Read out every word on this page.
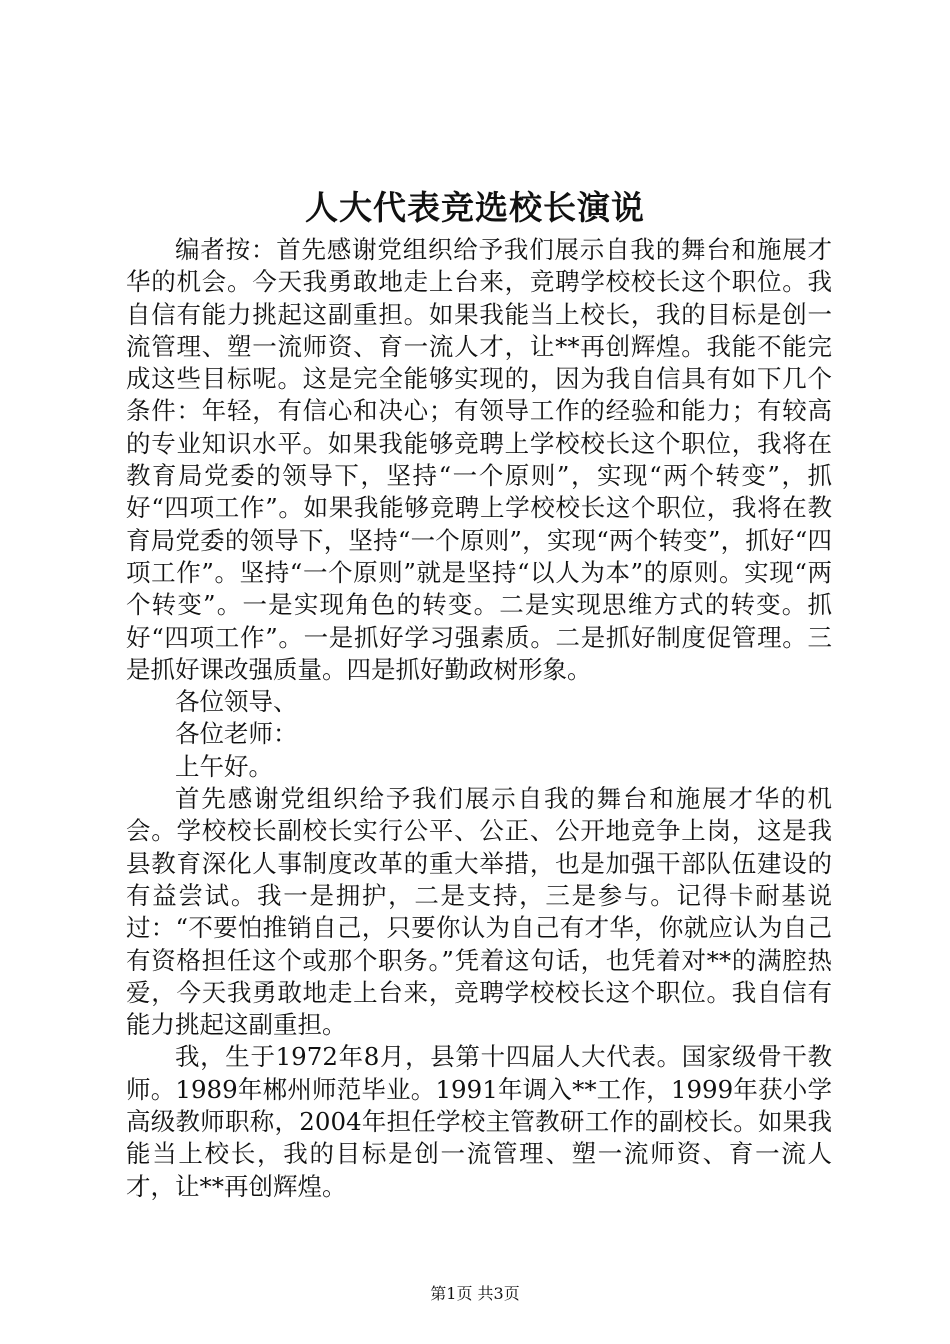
人大代表竞选校长演说

编者按：首先感谢党组织给予我们展示自我的舞台和施展才华的机会。今天我勇敢地走上台来，竞聘学校校长这个职位。我自信有能力挑起这副重担。如果我能当上校长，我的目标是创一流管理、塑一流师资、育一流人才，让**再创辉煌。我能不能完成这些目标呢。这是完全能够实现的，因为我自信具有如下几个条件：年轻，有信心和决心；有领导工作的经验和能力；有较高的专业知识水平。如果我能够竞聘上学校校长这个职位，我将在教育局党委的领导下，坚持“一个原则”，实现“两个转变”，抓好“四项工作”。如果我能够竞聘上学校校长这个职位，我将在教育局党委的领导下，坚持“一个原则”，实现“两个转变”，抓好“四项工作”。坚持“一个原则”就是坚持“以人为本”的原则。实现“两个转变”。一是实现角色的转变。二是实现思维方式的转变。抓好“四项工作”。一是抓好学习强素质。二是抓好制度促管理。三是抓好课改强质量。四是抓好勤政树形象。

各位领导、

各位老师：

上午好。

首先感谢党组织给予我们展示自我的舞台和施展才华的机会。学校校长副校长实行公平、公正、公开地竞争上岗，这是我县教育深化人事制度改革的重大举措，也是加强干部队伍建设的有益尝试。我一是拥护，二是支持，三是参与。记得卡耐基说过：“不要怕推销自己，只要你认为自己有才华，你就应认为自己有资格担任这个或那个职务。”凭着这句话，也凭着对**的满腔热爱，今天我勇敢地走上台来，竞聘学校校长这个职位。我自信有能力挑起这副重担。

我，生于1972年8月，县第十四届人大代表。国家级骨干教师。1989年郴州师范毕业。1991年调入**工作，1999年获小学高级教师职称，2004年担任学校主管教研工作的副校长。如果我能当上校长，我的目标是创一流管理、塑一流师资、育一流人才，让**再创辉煌。

第1页 共3页
